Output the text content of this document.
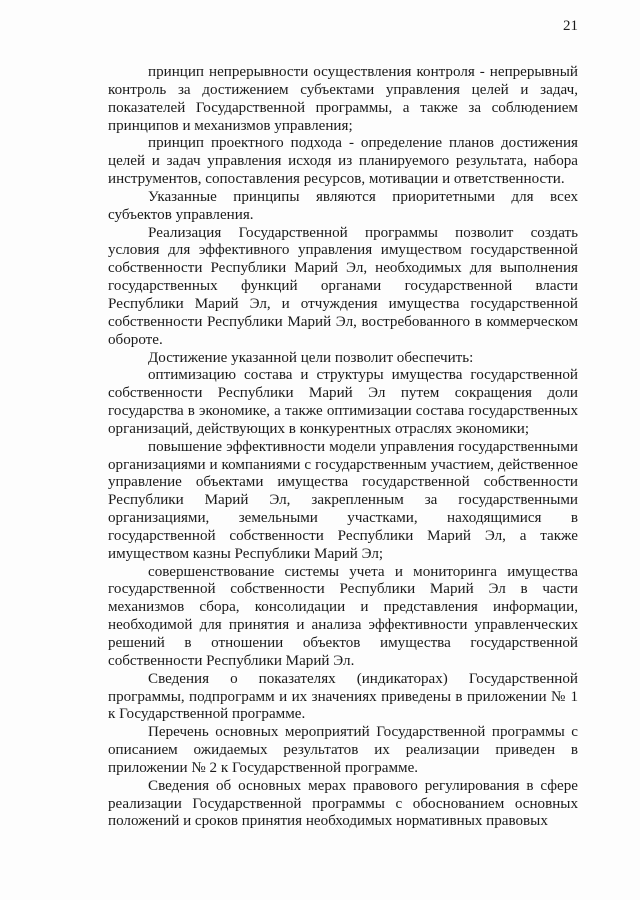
21

принцип непрерывности осуществления контроля - непрерывный контроль за достижением субъектами управления целей и задач, показателей Государственной программы, а также за соблюдением принципов и механизмов управления;

принцип проектного подхода - определение планов достижения целей и задач управления исходя из планируемого результата, набора инструментов, сопоставления ресурсов, мотивации и ответственности.

Указанные принципы являются приоритетными для всех субъектов управления.

Реализация Государственной программы позволит создать условия для эффективного управления имуществом государственной собственности Республики Марий Эл, необходимых для выполнения государственных функций органами государственной власти Республики Марий Эл, и отчуждения имущества государственной собственности Республики Марий Эл, востребованного в коммерческом обороте.

Достижение указанной цели позволит обеспечить:

оптимизацию состава и структуры имущества государственной собственности Республики Марий Эл путем сокращения доли государства в экономике, а также оптимизации состава государственных организаций, действующих в конкурентных отраслях экономики;

повышение эффективности модели управления государственными организациями и компаниями с государственным участием, действенное управление объектами имущества государственной собственности Республики Марий Эл, закрепленным за государственными организациями, земельными участками, находящимися в государственной собственности Республики Марий Эл, а также имуществом казны Республики Марий Эл;

совершенствование системы учета и мониторинга имущества государственной собственности Республики Марий Эл в части механизмов сбора, консолидации и представления информации, необходимой для принятия и анализа эффективности управленческих решений в отношении объектов имущества государственной собственности Республики Марий Эл.

Сведения о показателях (индикаторах) Государственной программы, подпрограмм и их значениях приведены в приложении № 1 к Государственной программе.

Перечень основных мероприятий Государственной программы с описанием ожидаемых результатов их реализации приведен в приложении № 2 к Государственной программе.

Сведения об основных мерах правового регулирования в сфере реализации Государственной программы с обоснованием основных положений и сроков принятия необходимых нормативных правовых
